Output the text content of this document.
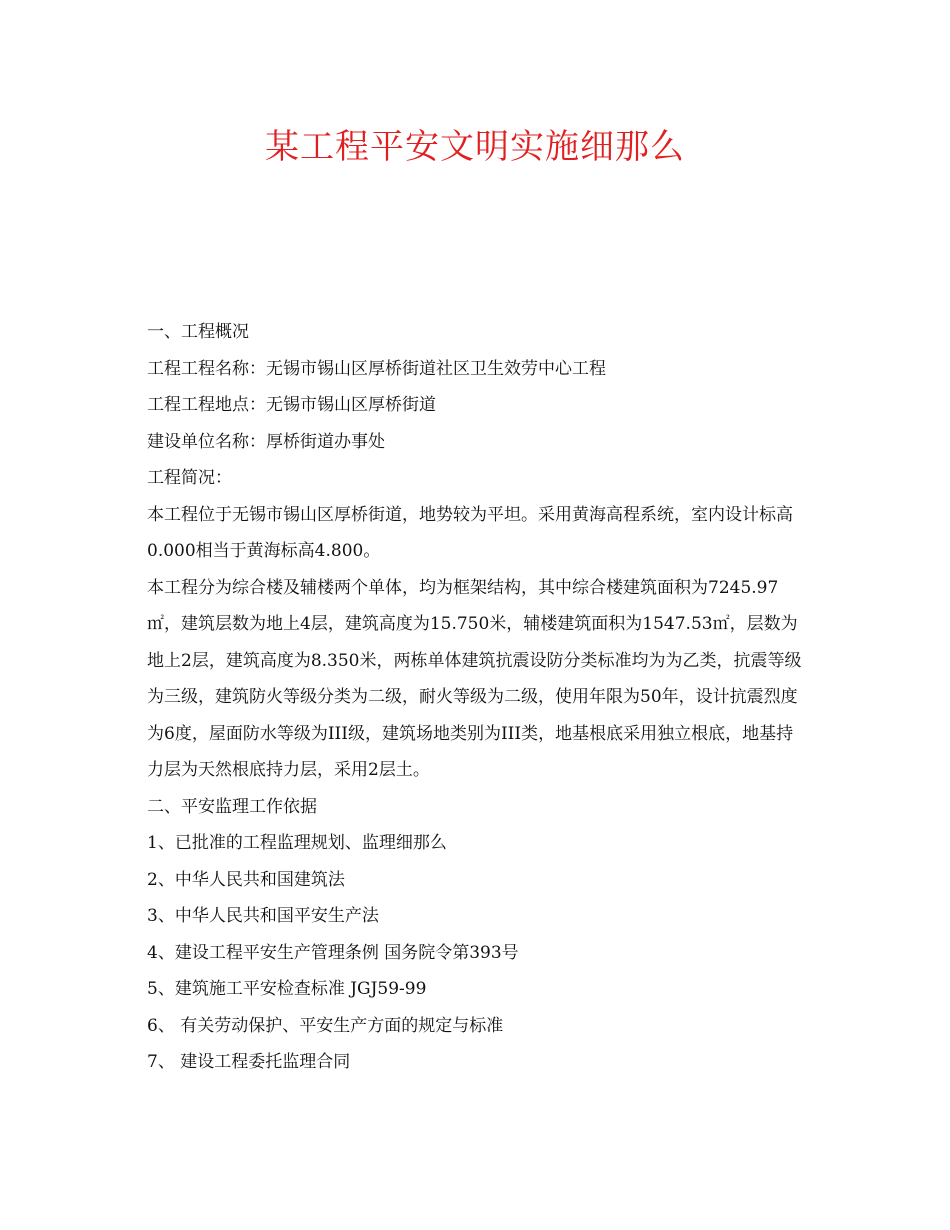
某工程平安文明实施细那么

一、工程概况

工程工程名称：无锡市锡山区厚桥街道社区卫生效劳中心工程

工程工程地点：无锡市锡山区厚桥街道

建设单位名称：厚桥街道办事处

工程简况：

本工程位于无锡市锡山区厚桥街道，地势较为平坦。采用黄海高程系统，室内设计标高0.000相当于黄海标高4.800。

本工程分为综合楼及辅楼两个单体，均为框架结构，其中综合楼建筑面积为7245.97㎡，建筑层数为地上4层，建筑高度为15.750米，辅楼建筑面积为1547.53㎡，层数为地上2层，建筑高度为8.350米，两栋单体建筑抗震设防分类标准均为为乙类，抗震等级为三级，建筑防火等级分类为二级，耐火等级为二级，使用年限为50年，设计抗震烈度为6度，屋面防水等级为III级，建筑场地类别为III类，地基根底采用独立根底，地基持力层为天然根底持力层，采用2层土。

二、平安监理工作依据

1、已批准的工程监理规划、监理细那么

2、中华人民共和国建筑法

3、中华人民共和国平安生产法

4、建设工程平安生产管理条例 国务院令第393号

5、建筑施工平安检查标准 JGJ59-99

6、 有关劳动保护、平安生产方面的规定与标准

7、 建设工程委托监理合同
